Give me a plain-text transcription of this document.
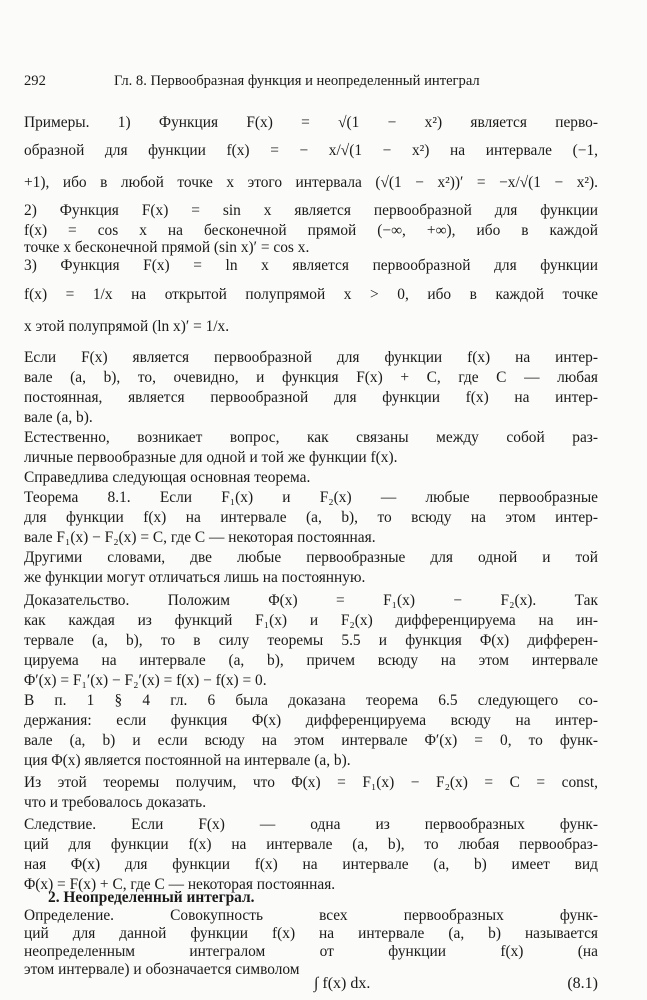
292	Гл. 8. Первообразная функция и неопределенный интеграл
Примеры. 1) Функция F(x) = √(1 − x²) является перво-
образной для функции f(x) = − x/√(1 − x²) на интервале (−1,
+1), ибо в любой точке x этого интервала (√(1 − x²))′ = −x/√(1 − x²).
2) Функция F(x) = sin x является первообразной для функции
f(x) = cos x на бесконечной прямой (−∞, +∞), ибо в каждой
точке x бесконечной прямой (sin x)′ = cos x.
3) Функция F(x) = ln x является первообразной для функции
f(x) = 1/x на открытой полупрямой x > 0, ибо в каждой точке
x этой полупрямой (ln x)′ = 1/x.
Если F(x) является первообразной для функции f(x) на интер-
вале (a, b), то, очевидно, и функция F(x) + C, где C — любая
постоянная, является первообразной для функции f(x) на интер-
вале (a, b).
Естественно, возникает вопрос, как связаны между собой раз-
личные первообразные для одной и той же функции f(x).
Справедлива следующая основная теорема.
Теорема 8.1. Если F₁(x) и F₂(x) — любые первообразные
для функции f(x) на интервале (a, b), то всюду на этом интер-
вале F₁(x) − F₂(x) = C, где C — некоторая постоянная.
Другими словами, две любые первообразные для одной и той
же функции могут отличаться лишь на постоянную.
Доказательство. Положим Φ(x) = F₁(x) − F₂(x). Так
как каждая из функций F₁(x) и F₂(x) дифференцируема на ин-
тервале (a, b), то в силу теоремы 5.5 и функция Φ(x) дифферен-
цируема на интервале (a, b), причем всюду на этом интервале
Φ′(x) = F₁′(x) − F₂′(x) = f(x) − f(x) = 0.
В п. 1 § 4 гл. 6 была доказана теорема 6.5 следующего со-
держания: если функция Φ(x) дифференцируема всюду на интер-
вале (a, b) и если всюду на этом интервале Φ′(x) = 0, то функ-
ция Φ(x) является постоянной на интервале (a, b).
Из этой теоремы получим, что Φ(x) = F₁(x) − F₂(x) = C = const,
что и требовалось доказать.
Следствие. Если F(x) — одна из первообразных функ-
ций для функции f(x) на интервале (a, b), то любая первообраз-
ная Φ(x) для функции f(x) на интервале (a, b) имеет вид
Φ(x) = F(x) + C, где C — некоторая постоянная.
2. Неопределенный интеграл.
Определение. Совокупность всех первообразных функ-
ций для данной функции f(x) на интервале (a, b) называется
неопределенным интегралом от функции f(x) (на
этом интервале) и обозначается символом
∫ f(x) dx.	(8.1)
